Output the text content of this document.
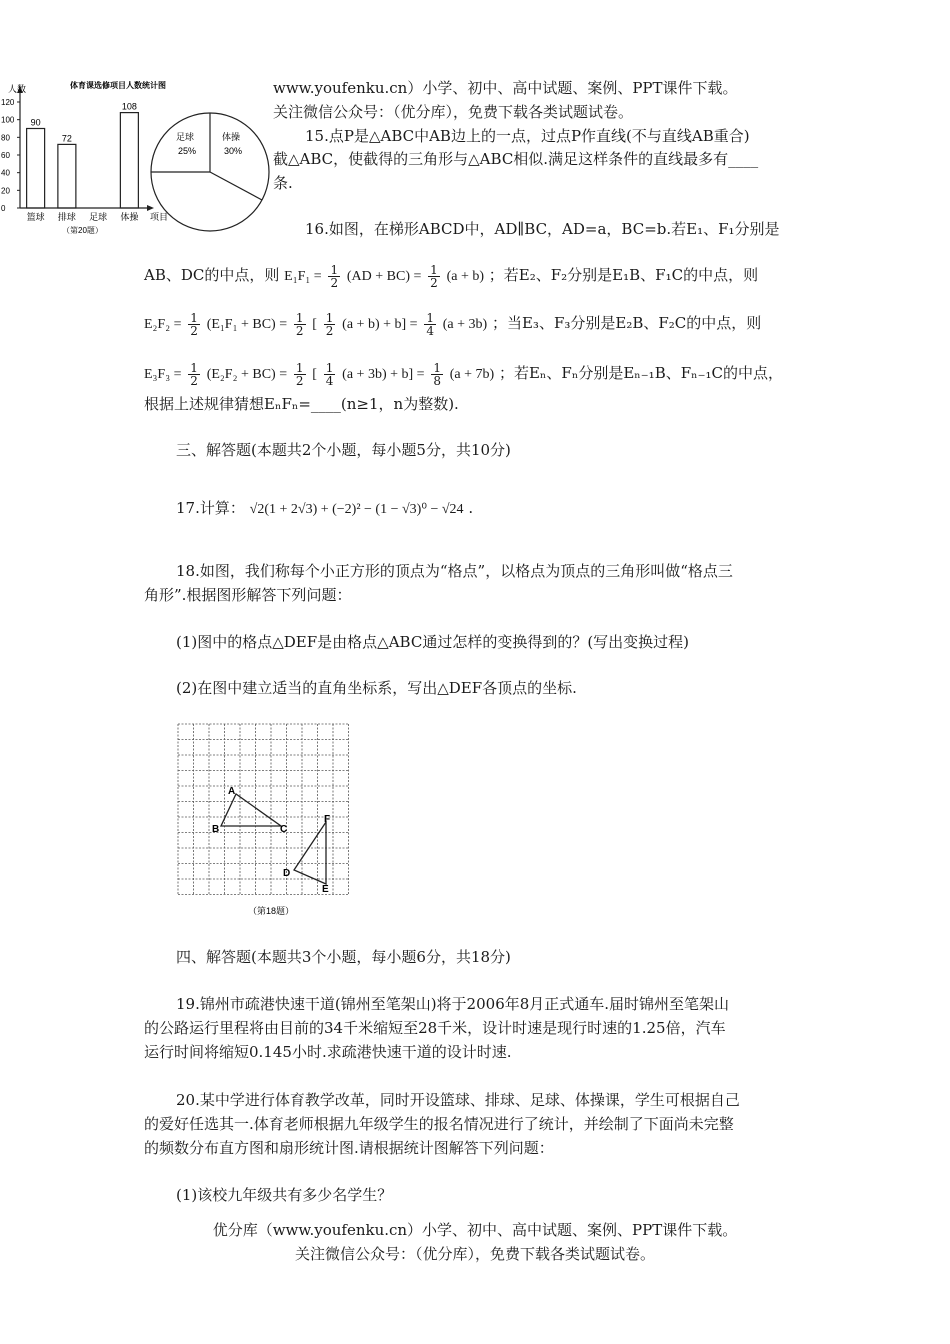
www.youfenku.cn）小学、初中、高中试题、案例、PPT课件下载。
关注微信公众号：（优分库），免费下载各类试题试卷。
120
100
80
60
40
20
0
90
篮球
72
排球 足球
108
体操
人数	体育课选修项目人数统计图
项目
（第20题）
足球
25%
体操
30%
15.点P是△ABC中AB边上的一点，过点P作直线(不与直线AB重合)
截△ABC，使截得的三角形与△ABC相似.满足这样条件的直线最多有____
条.
16.如图，在梯形ABCD中，AD∥BC，AD=a，BC=b.若E₁、F₁分别是
AB、DC的中点，则 $E_1F_1 = \frac{1}{2} (AD + BC) = \frac{1}{2} (a + b)$ ；若E₂、F₂分别是E₁B、F₁C的中点，则
$E_2F_2 = \frac{1}{2} (E_1F_1 + BC) = \frac{1}{2}$ [ $\frac{1}{2} (a + b) + b] = \frac{1}{4} (a + 3b)$ ；当E₃、F₃分别是E₂B、F₂C的中点，则
$E_3F_3 = \frac{1}{2} (E_2F_2 + BC) = \frac{1}{2}$ [ $\frac{1}{4} (a + 3b) + b] = \frac{1}{8} (a + 7b)$ ；若Eₙ、Fₙ分别是Eₙ₋₁B、Fₙ₋₁C的中点，
根据上述规律猜想EₙFₙ=____(n≥1，n为整数).
三、解答题(本题共2个小题，每小题5分，共10分)
17.计算： √2(1 + 2√3) + (−2)² − (1 − √3)⁰ − √24 .
18.如图，我们称每个小正方形的顶点为“格点”，以格点为顶点的三角形叫做“格点三
角形”.根据图形解答下列问题：
(1)图中的格点△DEF是由格点△ABC通过怎样的变换得到的？(写出变换过程)
(2)在图中建立适当的直角坐标系，写出△DEF各顶点的坐标.
A
B	C
D
E
F
（第18题）
四、解答题(本题共3个小题，每小题6分，共18分)
19.锦州市疏港快速干道(锦州至笔架山)将于2006年8月正式通车.届时锦州至笔架山
的公路运行里程将由目前的34千米缩短至28千米，设计时速是现行时速的1.25倍，汽车
运行时间将缩短0.145小时.求疏港快速干道的设计时速.
20.某中学进行体育教学改革，同时开设篮球、排球、足球、体操课，学生可根据自己
的爱好任选其一.体育老师根据九年级学生的报名情况进行了统计，并绘制了下面尚未完整
的频数分布直方图和扇形统计图.请根据统计图解答下列问题：
(1)该校九年级共有多少名学生？
优分库（www.youfenku.cn）小学、初中、高中试题、案例、PPT课件下载。
关注微信公众号：（优分库），免费下载各类试题试卷。
